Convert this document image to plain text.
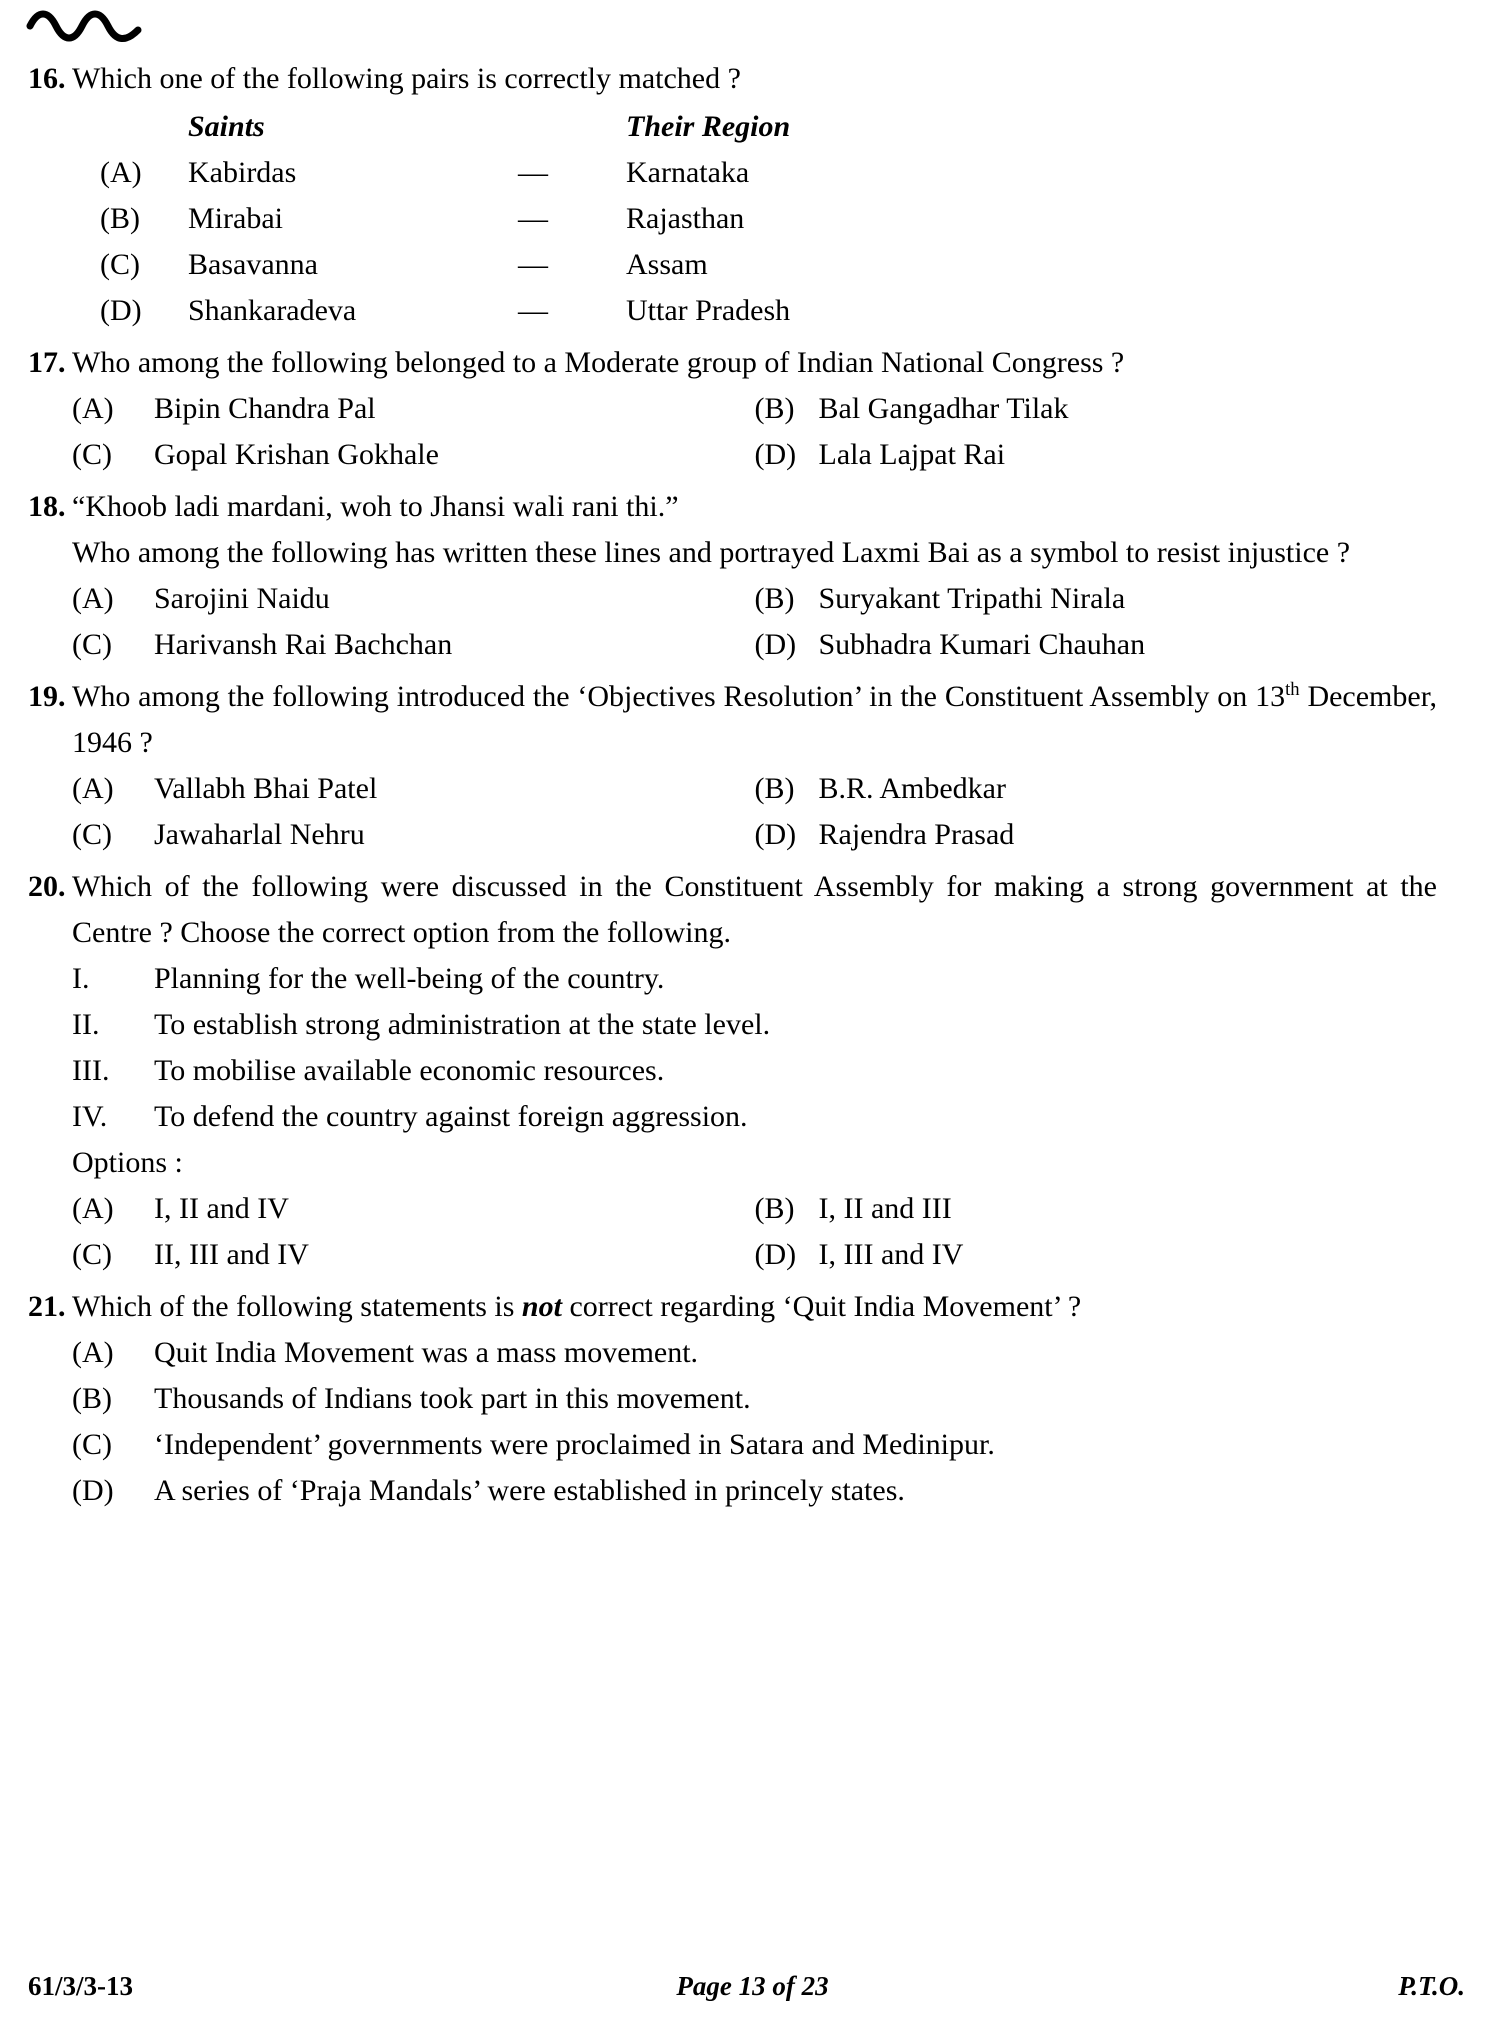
16. Which one of the following pairs is correctly matched ?

Saints	Their Region
(A)	Kabirdas	—	Karnataka
(B)	Mirabai	—	Rajasthan
(C)	Basavanna	—	Assam
(D)	Shankaradeva	—	Uttar Pradesh
17. Who among the following belonged to a Moderate group of Indian National Congress ?

(A)	Bipin Chandra Pal	(B) Bal Gangadhar Tilak
(C)	Gopal Krishan Gokhale	(D) Lala Lajpat Rai
18. “Khoob ladi mardani, woh to Jhansi wali rani thi.”

Who among the following has written these lines and portrayed Laxmi Bai as a symbol to resist injustice ?

(A)	Sarojini Naidu	(B) Suryakant Tripathi Nirala
(C)	Harivansh Rai Bachchan	(D) Subhadra Kumari Chauhan
19. Who among the following introduced the ‘Objectives Resolution’ in the Constituent Assembly on 13th December, 1946 ?

(A)	Vallabh Bhai Patel	(B) B.R. Ambedkar
(C)	Jawaharlal Nehru	(D) Rajendra Prasad
20. Which of the following were discussed in the Constituent Assembly for making a strong government at the Centre ? Choose the correct option from the following.

I.	Planning for the well-being of the country.
II.	To establish strong administration at the state level.
III.	To mobilise available economic resources.
IV.	To defend the country against foreign aggression.
Options :
(A)	I, II and IV	(B) I, II and III
(C)	II, III and IV	(D) I, III and IV
21. Which of the following statements is not correct regarding ‘Quit India Movement’ ?

(A)	Quit India Movement was a mass movement.
(B)	Thousands of Indians took part in this movement.
(C)	‘Independent’ governments were proclaimed in Satara and Medinipur.
(D)	A series of ‘Praja Mandals’ were established in princely states.
61/3/3-13	Page 13 of 23	P.T.O.
